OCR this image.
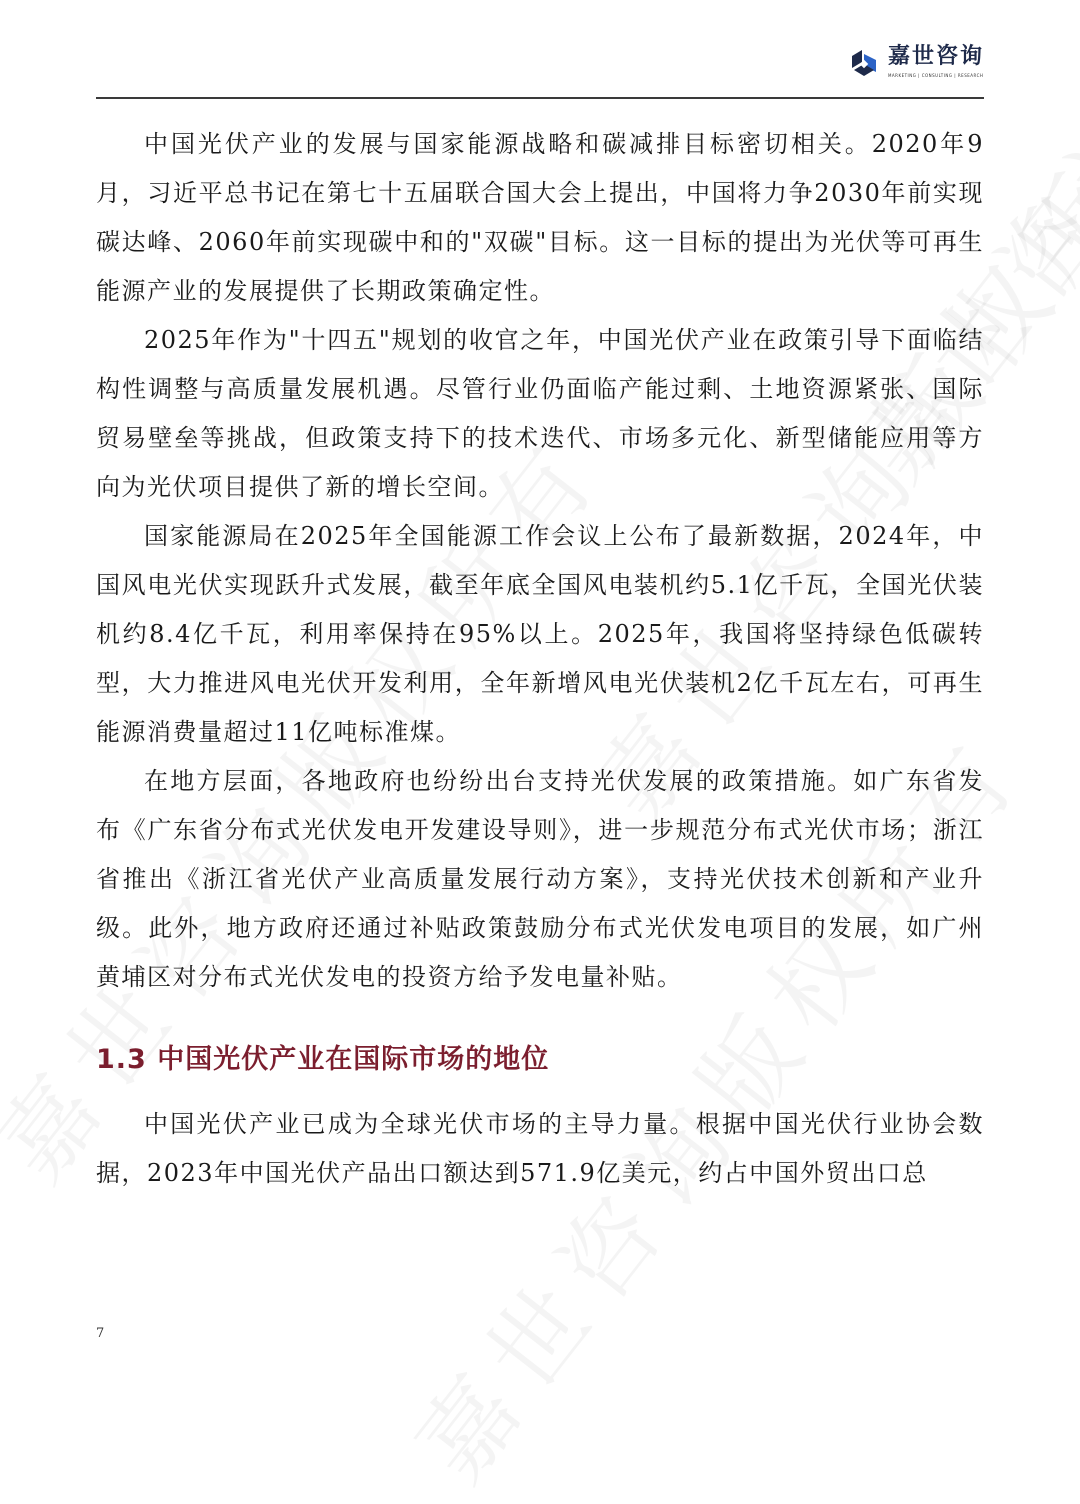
嘉世咨询
MARKETING | CONSULTING | RESEARCH

中国光伏产业的发展与国家能源战略和碳减排目标密切相关。2020年9月，习近平总书记在第七十五届联合国大会上提出，中国将力争2030年前实现碳达峰、2060年前实现碳中和的"双碳"目标。这一目标的提出为光伏等可再生能源产业的发展提供了长期政策确定性。

2025年作为"十四五"规划的收官之年，中国光伏产业在政策引导下面临结构性调整与高质量发展机遇。尽管行业仍面临产能过剩、土地资源紧张、国际贸易壁垒等挑战，但政策支持下的技术迭代、市场多元化、新型储能应用等方向为光伏项目提供了新的增长空间。

国家能源局在2025年全国能源工作会议上公布了最新数据，2024年，中国风电光伏实现跃升式发展，截至年底全国风电装机约5.1亿千瓦，全国光伏装机约8.4亿千瓦，利用率保持在95%以上。2025年，我国将坚持绿色低碳转型，大力推进风电光伏开发利用，全年新增风电光伏装机2亿千瓦左右，可再生能源消费量超过11亿吨标准煤。

在地方层面，各地政府也纷纷出台支持光伏发展的政策措施。如广东省发布《广东省分布式光伏发电开发建设导则》，进一步规范分布式光伏市场；浙江省推出《浙江省光伏产业高质量发展行动方案》，支持光伏技术创新和产业升级。此外，地方政府还通过补贴政策鼓励分布式光伏发电项目的发展，如广州黄埔区对分布式光伏发电的投资方给予发电量补贴。

1.3 中国光伏产业在国际市场的地位

中国光伏产业已成为全球光伏市场的主导力量。根据中国光伏行业协会数据，2023年中国光伏产品出口额达到571.9亿美元，约占中国外贸出口总

7
